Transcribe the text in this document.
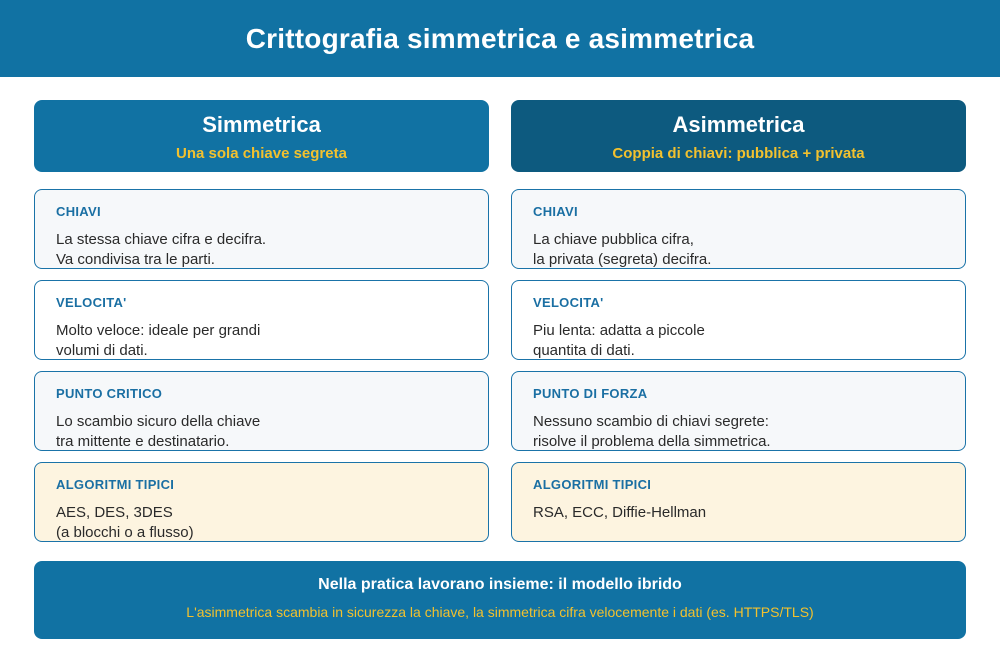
Crittografia simmetrica e asimmetrica
Simmetrica
Una sola chiave segreta
CHIAVI
La stessa chiave cifra e decifra.
Va condivisa tra le parti.
VELOCITA'
Molto veloce: ideale per grandi
volumi di dati.
PUNTO CRITICO
Lo scambio sicuro della chiave
tra mittente e destinatario.
ALGORITMI TIPICI
AES, DES, 3DES
(a blocchi o a flusso)
Asimmetrica
Coppia di chiavi: pubblica + privata
CHIAVI
La chiave pubblica cifra,
la privata (segreta) decifra.
VELOCITA'
Piu lenta: adatta a piccole
quantita di dati.
PUNTO DI FORZA
Nessuno scambio di chiavi segrete:
risolve il problema della simmetrica.
ALGORITMI TIPICI
RSA, ECC, Diffie-Hellman
Nella pratica lavorano insieme: il modello ibrido
L'asimmetrica scambia in sicurezza la chiave, la simmetrica cifra velocemente i dati (es. HTTPS/TLS)
